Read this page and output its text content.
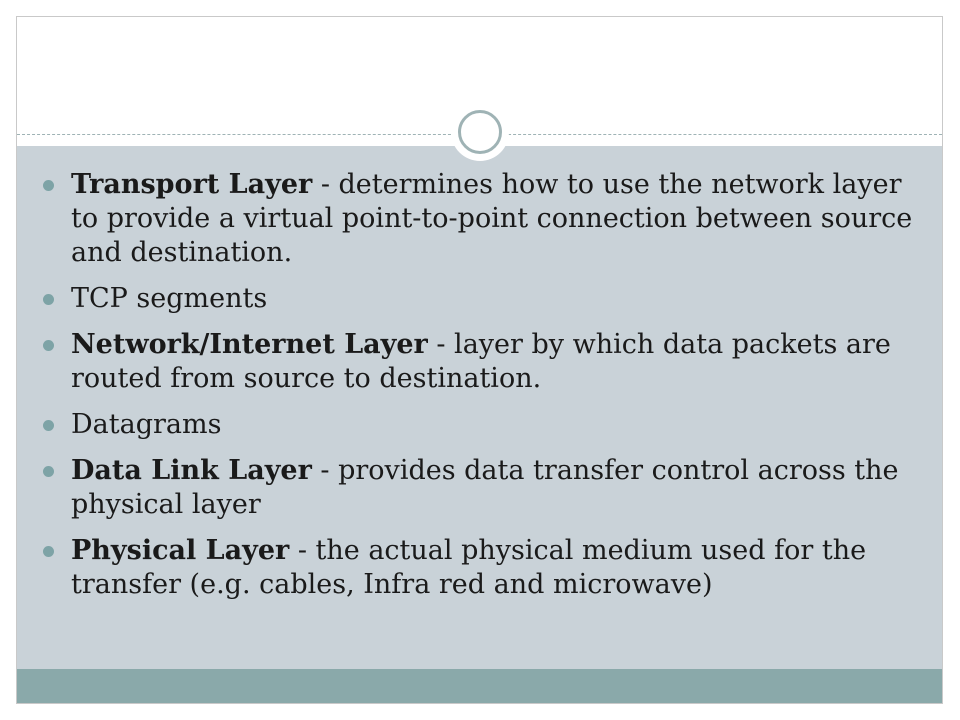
Transport Layer - determines how to use the network layer to provide a virtual point-to-point connection between source and destination.
TCP segments
Network/Internet Layer - layer by which data packets are routed from source to destination.
Datagrams
Data Link Layer - provides data transfer control across the physical layer
Physical Layer - the actual physical medium used for the transfer (e.g. cables, Infra red and microwave)
